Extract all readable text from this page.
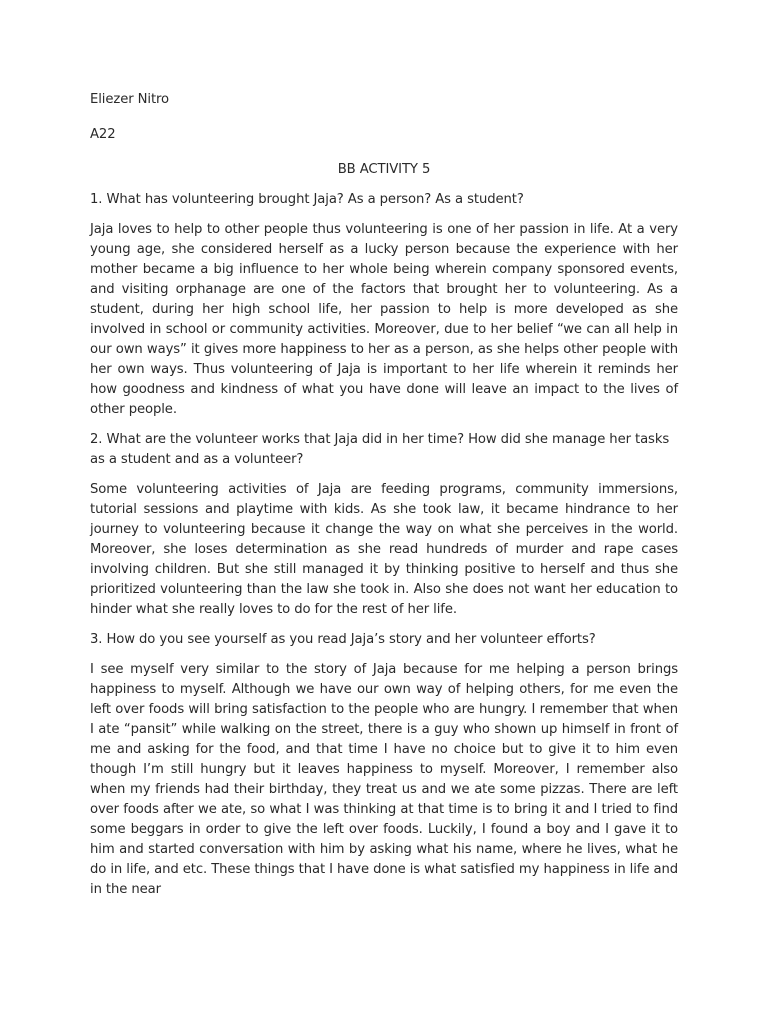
Eliezer Nitro

A22

BB ACTIVITY 5

1. What has volunteering brought Jaja? As a person? As a student?

Jaja loves to help to other people thus volunteering is one of her passion in life. At a very young age, she considered herself as a lucky person because the experience with her mother became a big influence to her whole being wherein company sponsored events, and visiting orphanage are one of the factors that brought her to volunteering. As a student, during her high school life, her passion to help is more developed as she involved in school or community activities. Moreover, due to her belief “we can all help in our own ways” it gives more happiness to her as a person, as she helps other people with her own ways. Thus volunteering of Jaja is important to her life wherein it reminds her how goodness and kindness of what you have done will leave an impact to the lives of other people.

2. What are the volunteer works that Jaja did in her time? How did she manage her tasks as a student and as a volunteer?

Some volunteering activities of Jaja are feeding programs, community immersions, tutorial sessions and playtime with kids. As she took law, it became hindrance to her journey to volunteering because it change the way on what she perceives in the world. Moreover, she loses determination as she read hundreds of murder and rape cases involving children. But she still managed it by thinking positive to herself and thus she prioritized volunteering than the law she took in. Also she does not want her education to hinder what she really loves to do for the rest of her life.

3. How do you see yourself as you read Jaja’s story and her volunteer efforts?

I see myself very similar to the story of Jaja because for me helping a person brings happiness to myself. Although we have our own way of helping others, for me even the left over foods will bring satisfaction to the people who are hungry. I remember that when I ate “pansit” while walking on the street, there is a guy who shown up himself in front of me and asking for the food, and that time I have no choice but to give it to him even though I’m still hungry but it leaves happiness to myself. Moreover, I remember also when my friends had their birthday, they treat us and we ate some pizzas. There are left over foods after we ate, so what I was thinking at that time is to bring it and I tried to find some beggars in order to give the left over foods. Luckily, I found a boy and I gave it to him and started conversation with him by asking what his name, where he lives, what he do in life, and etc. These things that I have done is what satisfied my happiness in life and in the near
